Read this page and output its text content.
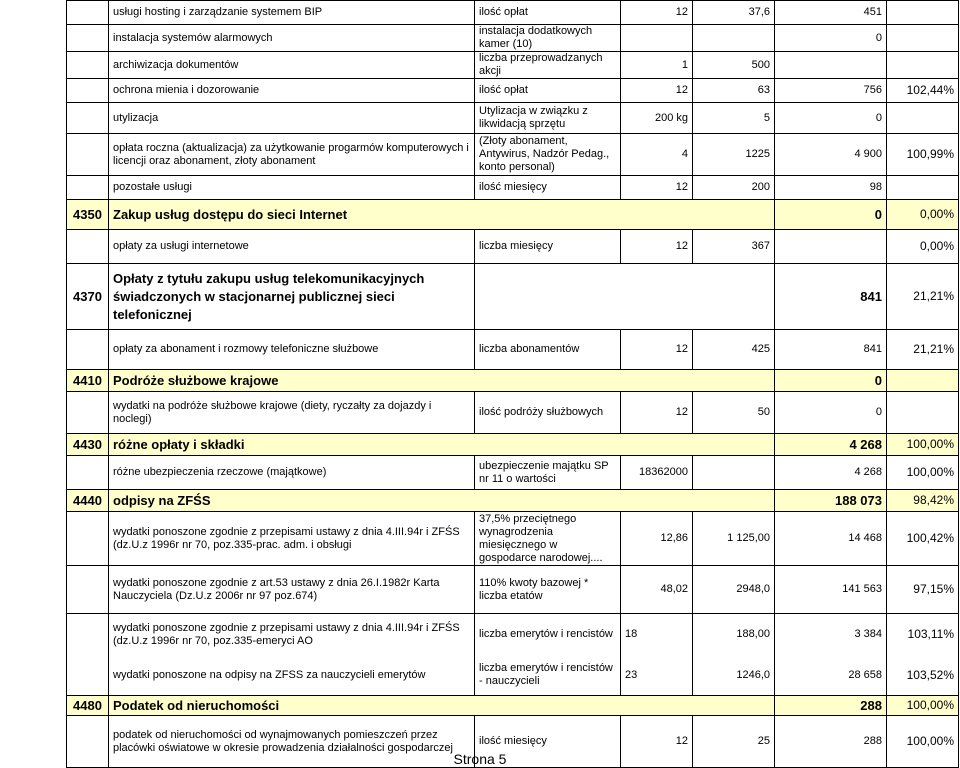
	usługi hosting i zarządzanie systemem BIP	ilość opłat	12	37,6	451	
	instalacja systemów alarmowych	instalacja dodatkowych kamer (10)			0	
	archiwizacja dokumentów	liczba przeprowadzanych akcji	1	500		
	ochrona mienia i dozorowanie	ilość opłat	12	63	756	102,44%
	utylizacja	Utylizacja w związku z likwidacją sprzętu	200 kg	5	0	
	opłata roczna (aktualizacja) za użytkowanie progarmów komputerowych i licencji oraz abonament, złoty abonament	(Złoty abonament, Antywirus, Nadzór Pedag., konto personal)	4	1225	4 900	100,99%
	pozostałe usługi	ilość miesięcy	12	200	98	
4350	Zakup usług dostępu do sieci Internet				0	0,00%
	opłaty za usługi internetowe	liczba miesięcy	12	367		0,00%
4370	Opłaty z tytułu zakupu usług telekomunikacyjnych świadczonych w stacjonarnej publicznej sieci telefonicznej				841	21,21%
	opłaty za abonament i rozmowy telefoniczne służbowe	liczba abonamentów	12	425	841	21,21%
4410	Podróże służbowe krajowe				0	
	wydatki na podróże służbowe krajowe (diety, ryczałty za dojazdy i noclegi)	ilość podróży służbowych	12	50	0	
4430	różne opłaty i składki				4 268	100,00%
	różne ubezpieczenia rzeczowe (majątkowe)	ubezpieczenie majątku SP nr 11 o wartości	18362000		4 268	100,00%
4440	odpisy na ZFŚS				188 073	98,42%
	wydatki ponoszone zgodnie z przepisami ustawy z dnia 4.III.94r i ZFŚS (dz.U.z 1996r nr 70, poz.335-prac. adm. i obsługi	37,5% przeciętnego wynagrodzenia miesięcznego w gospodarce narodowej....	12,86	1 125,00	14 468	100,42%
	wydatki ponoszone zgodnie z art.53 ustawy z dnia 26.I.1982r Karta Nauczyciela (Dz.U.z 2006r nr 97 poz.674)	110% kwoty bazowej * liczba etatów	48,02	2948,0	141 563	97,15%
	wydatki ponoszone zgodnie z przepisami ustawy z dnia 4.III.94r i ZFŚS (dz.U.z 1996r nr 70, poz.335-emeryci AO	liczba emerytów i rencistów	18	188,00	3 384	103,11%
	wydatki ponoszone na odpisy na ZFSS za nauczycieli emerytów	liczba emerytów i rencistów - nauczycieli	23	1246,0	28 658	103,52%
4480	Podatek od nieruchomości				288	100,00%
	podatek od nieruchomości od wynajmowanych pomieszczeń przez placówki oświatowe w okresie prowadzenia działalności gospodarczej	ilość miesięcy	12	25	288	100,00%
Strona 5
